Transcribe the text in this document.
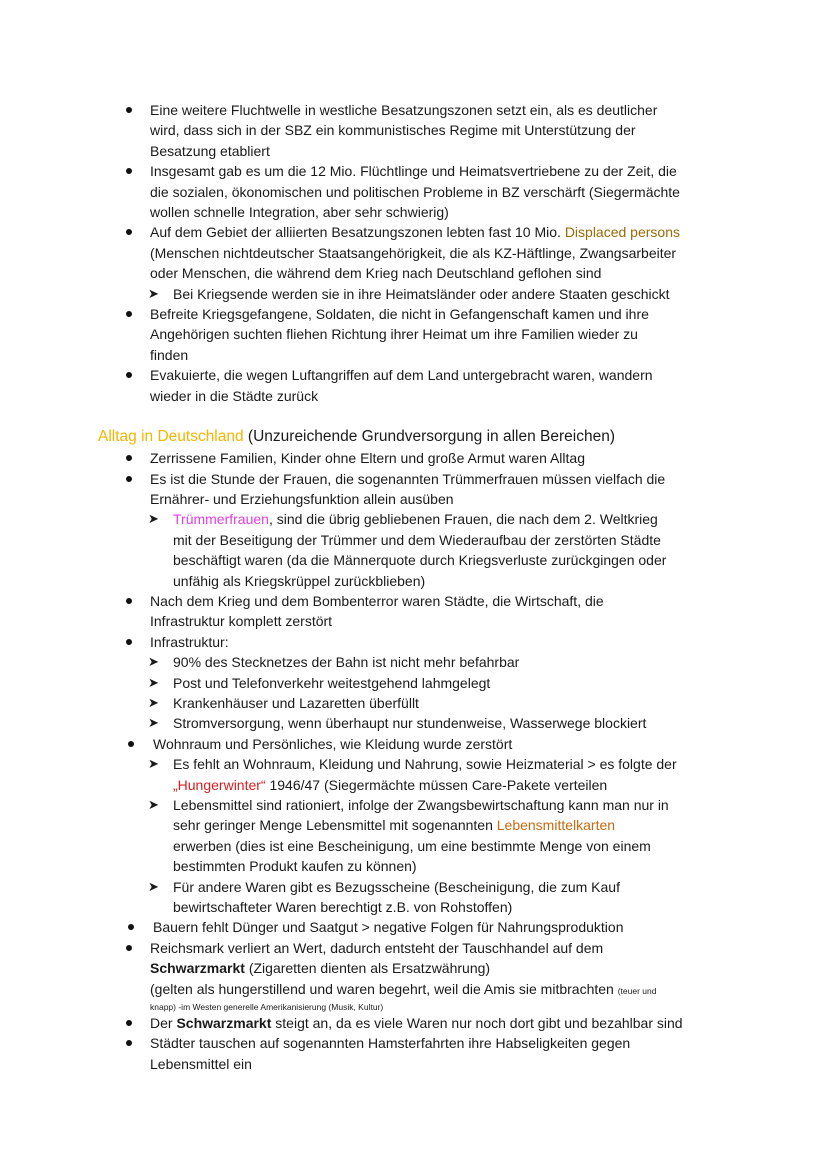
Eine weitere Fluchtwelle in westliche Besatzungszonen setzt ein, als es deutlicher
wird, dass sich in der SBZ ein kommunistisches Regime mit Unterstützung der
Besatzung etabliert
Insgesamt gab es um die 12 Mio. Flüchtlinge und Heimatsvertriebene zu der Zeit, die
die sozialen, ökonomischen und politischen Probleme in BZ verschärft (Siegermächte
wollen schnelle Integration, aber sehr schwierig)
Auf dem Gebiet der alliierten Besatzungszonen lebten fast 10 Mio. Displaced persons
(Menschen nichtdeutscher Staatsangehörigkeit, die als KZ-Häftlinge, Zwangsarbeiter
oder Menschen, die während dem Krieg nach Deutschland geflohen sind
➤ Bei Kriegsende werden sie in ihre Heimatsländer oder andere Staaten geschickt
Befreite Kriegsgefangene, Soldaten, die nicht in Gefangenschaft kamen und ihre
Angehörigen suchten fliehen Richtung ihrer Heimat um ihre Familien wieder zu
finden
Evakuierte, die wegen Luftangriffen auf dem Land untergebracht waren, wandern
wieder in die Städte zurück
Alltag in Deutschland (Unzureichende Grundversorgung in allen Bereichen)
Zerrissene Familien, Kinder ohne Eltern und große Armut waren Alltag
Es ist die Stunde der Frauen, die sogenannten Trümmerfrauen müssen vielfach die
Ernährer- und Erziehungsfunktion allein ausüben
➤ Trümmerfrauen, sind die übrig gebliebenen Frauen, die nach dem 2. Weltkrieg
mit der Beseitigung der Trümmer und dem Wiederaufbau der zerstörten Städte
beschäftigt waren (da die Männerquote durch Kriegsverluste zurückgingen oder
unfähig als Kriegskrüppel zurückblieben)
Nach dem Krieg und dem Bombenterror waren Städte, die Wirtschaft, die
Infrastruktur komplett zerstört
Infrastruktur:
➤ 90% des Stecknetzes der Bahn ist nicht mehr befahrbar
➤ Post und Telefonverkehr weitestgehend lahmgelegt
➤ Krankenhäuser und Lazaretten überfüllt
➤ Stromversorgung, wenn überhaupt nur stundenweise, Wasserwege blockiert
Wohnraum und Persönliches, wie Kleidung wurde zerstört
➤ Es fehlt an Wohnraum, Kleidung und Nahrung, sowie Heizmaterial > es folgte der
„Hungerwinter“ 1946/47 (Siegermächte müssen Care-Pakete verteilen
➤ Lebensmittel sind rationiert, infolge der Zwangsbewirtschaftung kann man nur in
sehr geringer Menge Lebensmittel mit sogenannten Lebensmittelkarten
erwerben (dies ist eine Bescheinigung, um eine bestimmte Menge von einem
bestimmten Produkt kaufen zu können)
➤ Für andere Waren gibt es Bezugsscheine (Bescheinigung, die zum Kauf
bewirtschafteter Waren berechtigt z.B. von Rohstoffen)
Bauern fehlt Dünger und Saatgut > negative Folgen für Nahrungsproduktion
Reichsmark verliert an Wert, dadurch entsteht der Tauschhandel auf dem
Schwarzmarkt (Zigaretten dienten als Ersatzwährung)
(gelten als hungerstillend und waren begehrt, weil die Amis sie mitbrachten (teuer und
knapp) -im Westen generelle Amerikanisierung (Musik, Kultur)
Der Schwarzmarkt steigt an, da es viele Waren nur noch dort gibt und bezahlbar sind
Städter tauschen auf sogenannten Hamsterfahrten ihre Habseligkeiten gegen
Lebensmittel ein
